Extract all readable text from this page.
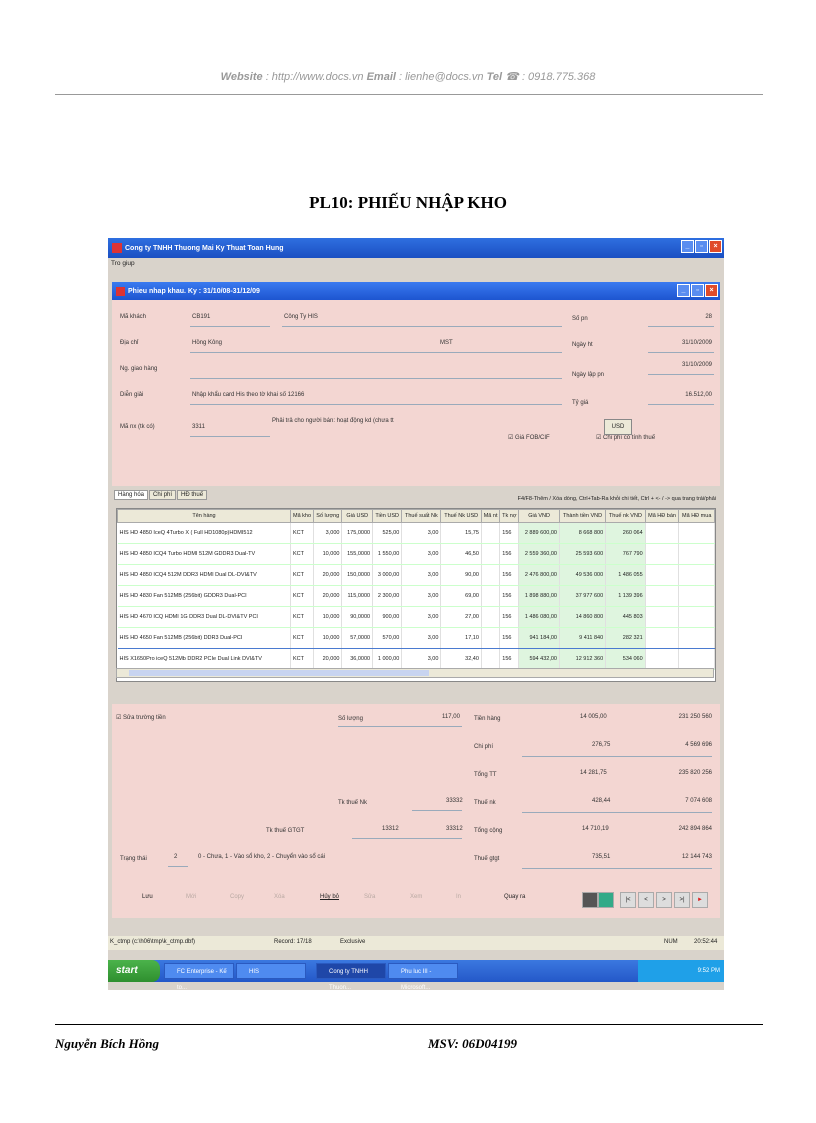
Website : http://www.docs.vn Email : lienhe@docs.vn Tel ☎ : 0918.775.368
PL10: PHIẾU NHẬP KHO
Cong ty TNHH Thuong Mai Ky Thuat Toan Hung	_	▫	×
Tro giup
Phieu nhap khau. Ky : 31/10/08-31/12/09	_	▫	×
Mã khách	CB191	Công Ty HIS
Địa chỉ	Hồng Kông	MST
Ng. giao hàng
Diễn giải	Nhập khẩu card His theo tờ khai số 12166
Mã nx (tk có)	3311
Phải trả cho người bán: hoạt động kd (chưa tt
Số pn	28
Ngày ht	31/10/2009
Ngày lập pn
31/10/2009
Tỷ giá
16.512,00
☑ Giá FOB/CIF	☑ Chi phí có tính thuế
USD
Hàng hóa	Chi phí	HĐ thuế
F4/F8-Thêm / Xóa dòng, Ctrl+Tab-Ra khỏi chi tiết, Ctrl + <- / -> qua trang trái/phải
Tên hàng	Mã kho	Số lượng	Giá USD	Tiền USD	Thuế suất Nk	Thuế Nk USD	Mã nt	Tk nợ	Giá VND	Thành tiền VND	Thuế nk VND	Mã HĐ bán	Mã HĐ mua
HIS HD 4850 IceQ 4Turbo X ( Full HD1080p)HDMI512	KCT	3,000	175,0000	525,00	3,00	15,75		156	2 889 600,00	8 668 800	260 064		
HIS HD 4850 ICQ4 Turbo HDMI 512M GDDR3 Dual-TV	KCT	10,000	155,0000	1 550,00	3,00	46,50		156	2 559 360,00	25 593 600	767 790		
HIS HD 4850 ICQ4 512M DDR3 HDMI Dual DL-DVI&TV	KCT	20,000	150,0000	3 000,00	3,00	90,00		156	2 476 800,00	49 536 000	1 486 055		
HIS HD 4830 Fan 512MB (256bit) GDDR3 Dual-PCI	KCT	20,000	115,0000	2 300,00	3,00	69,00		156	1 898 880,00	37 977 600	1 139 396		
HIS HD 4670 ICQ HDMI 1G DDR3 Dual DL-DVI&TV PCI	KCT	10,000	90,0000	900,00	3,00	27,00		156	1 486 080,00	14 860 800	445 803		
HIS HD 4650 Fan 512MB (256bit) DDR3 Dual-PCI	KCT	10,000	57,0000	570,00	3,00	17,10		156	941 184,00	9 411 840	282 321		
HIS X1650Pro iceQ 512Mb DDR2 PCIe Dual Link DVI&TV	KCT	20,000	36,0000	1 000,00	3,00	32,40		156	594 432,00	12 912 360	534 060		
☑ Sửa trường tiền	Số lượng	117,00
Tk thuế Nk	33332
Tk thuế GTGT	13312	33312
Trạng thái	2	0 - Chưa, 1 - Vào sổ kho, 2 - Chuyển vào sổ cái
Tiền hàng	14 005,00	231 250 560
Chi phí	276,75	4 569 696
Tổng TT	14 281,75	235 820 256
Thuế nk	428,44	7 074 608
Tổng cộng	14 710,19	242 894 864
Thuế gtgt	735,51	12 144 743
Lưu	Mới	Copy	Xóa	Hủy bỏ	Sửa	Xem	In	Quay ra	|<	<	>	>|	►
K_ctmp (c:\h06\tmp\k_ctmp.dbf)	Record: 17/18	Exclusive	NUM	20:52:44
start	FC Enterprise - Kế to...
HIS	Cong ty TNHH Thuon...
Phu luc III - Microsoft...
9:52 PM
Nguyễn Bích Hồng	MSV: 06D04199
